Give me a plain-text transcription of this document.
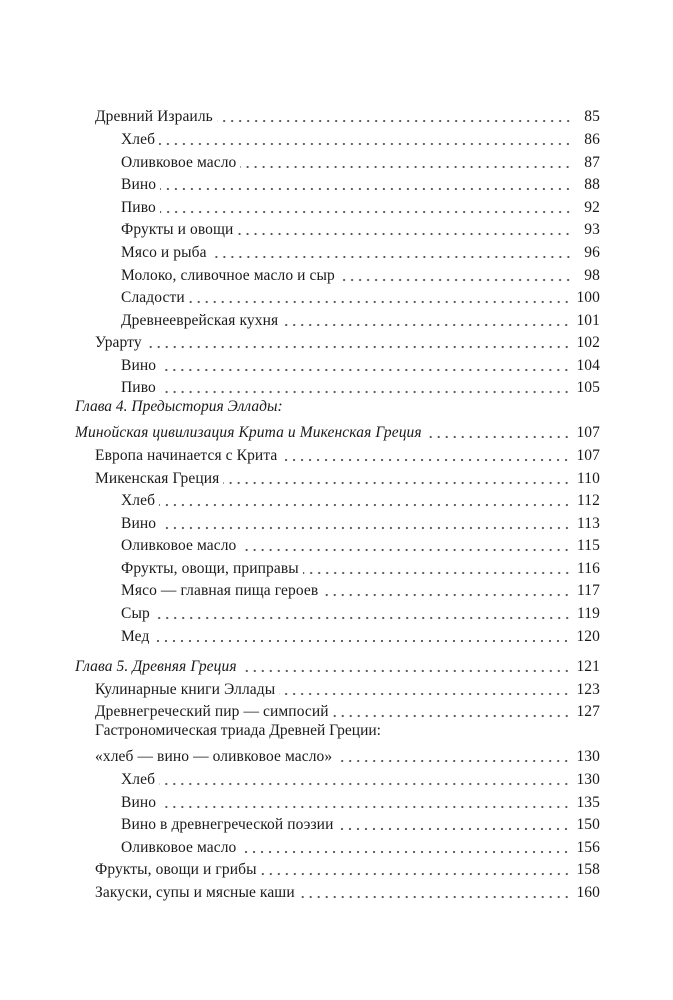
Древний Израиль	85
Хлеб	86
Оливковое масло	87
Вино	88
Пиво	92
Фрукты и овощи	93
Мясо и рыба	96
Молоко, сливочное масло и сыр	98
Сладости	100
Древнееврейская кухня	101
Урарту	102
Вино	104
Пиво	105
Глава 4. Предыстория Эллады:
Минойская цивилизация Крита и Микенская Греция	107
Европа начинается с Крита	107
Микенская Греция	110
Хлеб	112
Вино	113
Оливковое масло	115
Фрукты, овощи, приправы	116
Мясо — главная пища героев	117
Сыр	119
Мед	120
Глава 5. Древняя Греция	121
Кулинарные книги Эллады	123
Древнегреческий пир — симпосий	127
Гастрономическая триада Древней Греции:
«хлеб — вино — оливковое масло»	130
Хлеб	130
Вино	135
Вино в древнегреческой поэзии	150
Оливковое масло	156
Фрукты, овощи и грибы	158
Закуски, супы и мясные каши	160
